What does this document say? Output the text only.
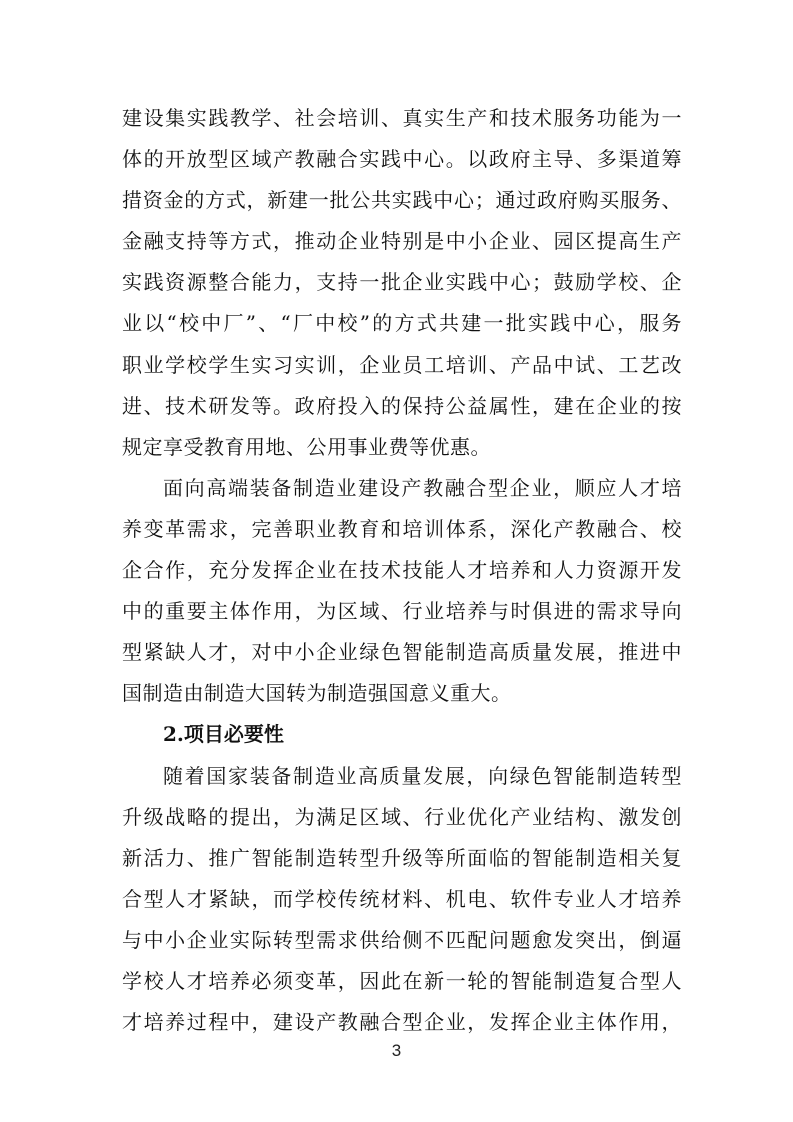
建设集实践教学、社会培训、真实生产和技术服务功能为一
体的开放型区域产教融合实践中心。以政府主导、多渠道筹
措资金的方式，新建一批公共实践中心；通过政府购买服务、
金融支持等方式，推动企业特别是中小企业、园区提高生产
实践资源整合能力，支持一批企业实践中心；鼓励学校、企
业以“校中厂”、“厂中校”的方式共建一批实践中心，服务
职业学校学生实习实训，企业员工培训、产品中试、工艺改
进、技术研发等。政府投入的保持公益属性，建在企业的按
规定享受教育用地、公用事业费等优惠。
面向高端装备制造业建设产教融合型企业，顺应人才培
养变革需求，完善职业教育和培训体系，深化产教融合、校
企合作，充分发挥企业在技术技能人才培养和人力资源开发
中的重要主体作用，为区域、行业培养与时俱进的需求导向
型紧缺人才，对中小企业绿色智能制造高质量发展，推进中
国制造由制造大国转为制造强国意义重大。
2.项目必要性
随着国家装备制造业高质量发展，向绿色智能制造转型
升级战略的提出，为满足区域、行业优化产业结构、激发创
新活力、推广智能制造转型升级等所面临的智能制造相关复
合型人才紧缺，而学校传统材料、机电、软件专业人才培养
与中小企业实际转型需求供给侧不匹配问题愈发突出，倒逼
学校人才培养必须变革，因此在新一轮的智能制造复合型人
才培养过程中，建设产教融合型企业，发挥企业主体作用，
3
